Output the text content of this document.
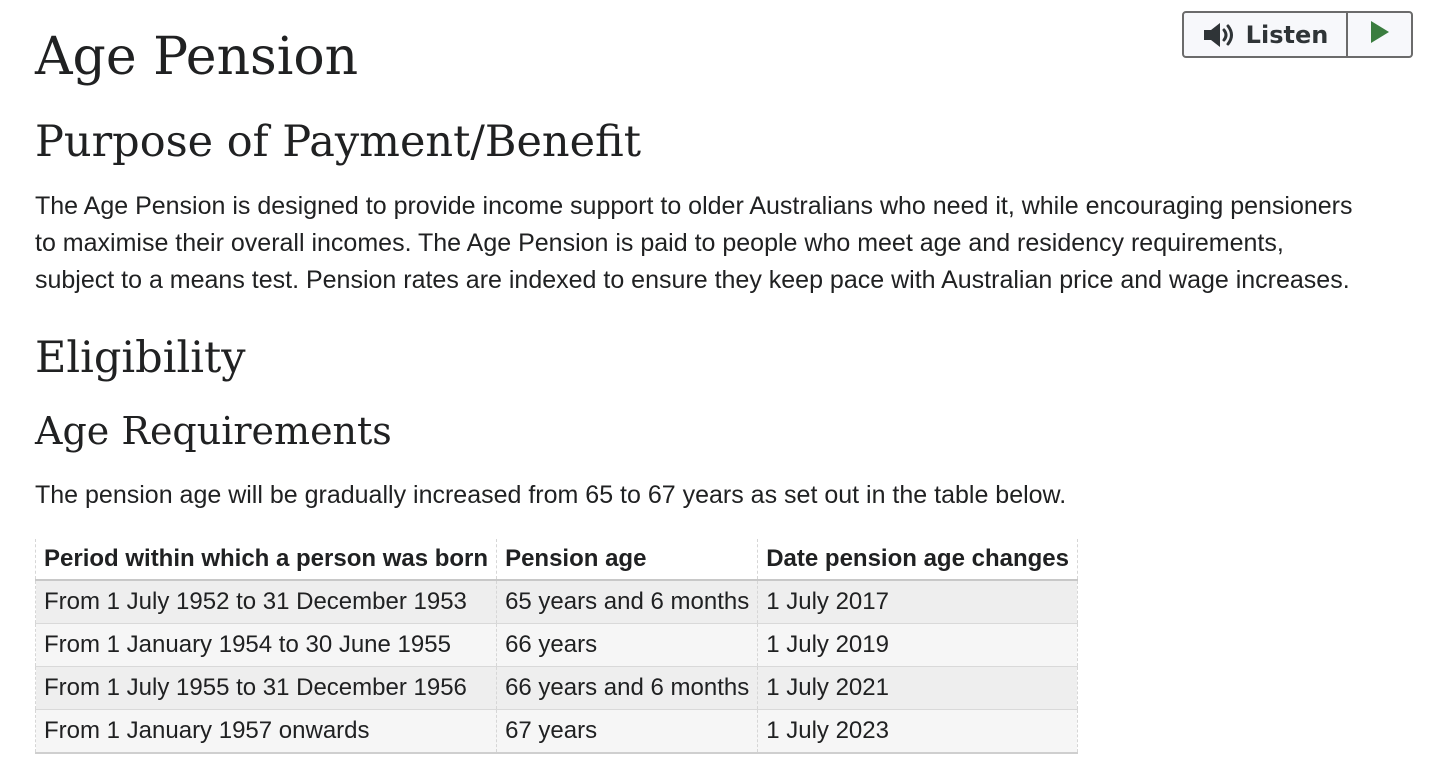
Age Pension
Purpose of Payment/Benefit

The Age Pension is designed to provide income support to older Australians who need it, while encouraging pensioners to maximise their overall incomes. The Age Pension is paid to people who meet age and residency requirements, subject to a means test. Pension rates are indexed to ensure they keep pace with Australian price and wage increases.

Eligibility
Age Requirements

The pension age will be gradually increased from 65 to 67 years as set out in the table below.

Period within which a person was born	Pension age	Date pension age changes
From 1 July 1952 to 31 December 1953	65 years and 6 months	1 July 2017
From 1 January 1954 to 30 June 1955	66 years	1 July 2019
From 1 July 1955 to 31 December 1956	66 years and 6 months	1 July 2021
From 1 January 1957 onwards	67 years	1 July 2023
Listen
